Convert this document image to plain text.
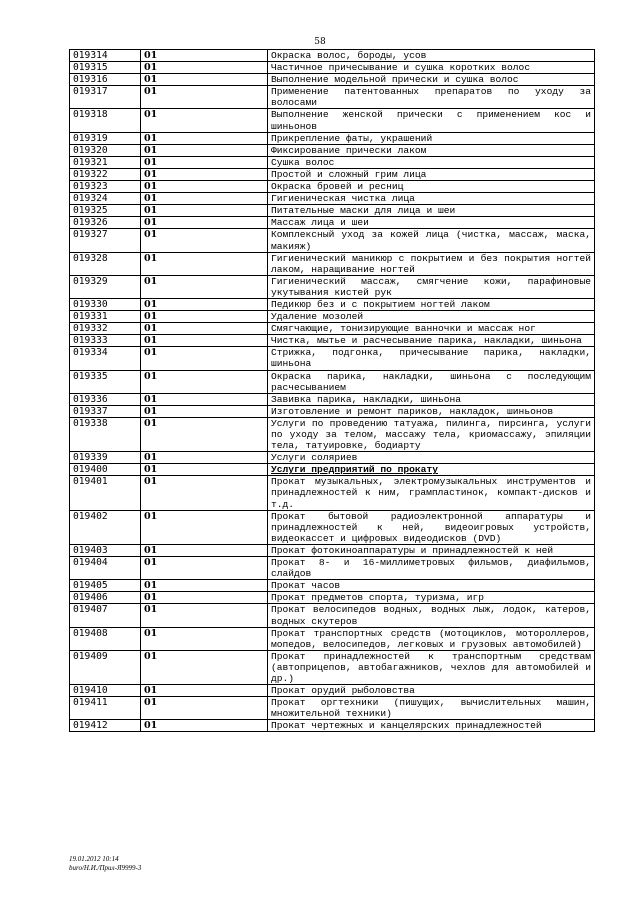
58
019314	01	Окраска волос, бороды, усов
019315	01	Частичное причесывание и сушка коротких волос
019316	01	Выполнение модельной прически и сушка волос
019317	01	Применение патентованных препаратов по уходу за волосами
019318	01	Выполнение женской прически с применением кос и шиньонов
019319	01	Прикрепление фаты, украшений
019320	01	Фиксирование прически лаком
019321	01	Сушка волос
019322	01	Простой и сложный грим лица
019323	01	Окраска бровей и ресниц
019324	01	Гигиеническая чистка лица
019325	01	Питательные маски для лица и шеи
019326	01	Массаж лица и шеи
019327	01	Комплексный уход за кожей лица (чистка, массаж, маска, макияж)
019328	01	Гигиенический маникюр с покрытием и без покрытия ногтей лаком, наращивание ногтей
019329	01	Гигиенический массаж, смягчение кожи, парафиновые укутывания кистей рук
019330	01	Педикюр без и с покрытием ногтей лаком
019331	01	Удаление мозолей
019332	01	Смягчающие, тонизирующие ванночки и массаж ног
019333	01	Чистка, мытье и расчесывание парика, накладки, шиньона
019334	01	Стрижка, подгонка, причесывание парика, накладки, шиньона
019335	01	Окраска парика, накладки, шиньона с последующим расчесыванием
019336	01	Завивка парика, накладки, шиньона
019337	01	Изготовление и ремонт париков, накладок, шиньонов
019338	01	Услуги по проведению татуажа, пилинга, пирсинга, услуги по уходу за телом, массажу тела, криомассажу, эпиляции тела, татуировке, бодиарту
019339	01	Услуги соляриев
019400	01	Услуги предприятий по прокату
019401	01	Прокат музыкальных, электромузыкальных инструментов и принадлежностей к ним, грампластинок, компакт-дисков и т.д.
019402	01	Прокат бытовой радиоэлектронной аппаратуры и принадлежностей к ней, видеоигровых устройств, видеокассет и цифровых видеодисков (DVD)
019403	01	Прокат фотокиноаппаратуры и принадлежностей к ней
019404	01	Прокат 8- и 16-миллиметровых фильмов, диафильмов, слайдов
019405	01	Прокат часов
019406	01	Прокат предметов спорта, туризма, игр
019407	01	Прокат велосипедов водных, водных лыж, лодок, катеров, водных скутеров
019408	01	Прокат транспортных средств (мотоциклов, мотороллеров, мопедов, велосипедов, легковых и грузовых автомобилей)
019409	01	Прокат принадлежностей к транспортным средствам (автоприцепов, автобагажников, чехлов для автомобилей и др.)
019410	01	Прокат орудий рыболовства
019411	01	Прокат оргтехники (пишущих, вычислительных машин, множительной техники)
019412	01	Прокат чертежных и канцелярских принадлежностей
19.01.2012 10:14
buro/Н.И./Прил-Я9999-3
